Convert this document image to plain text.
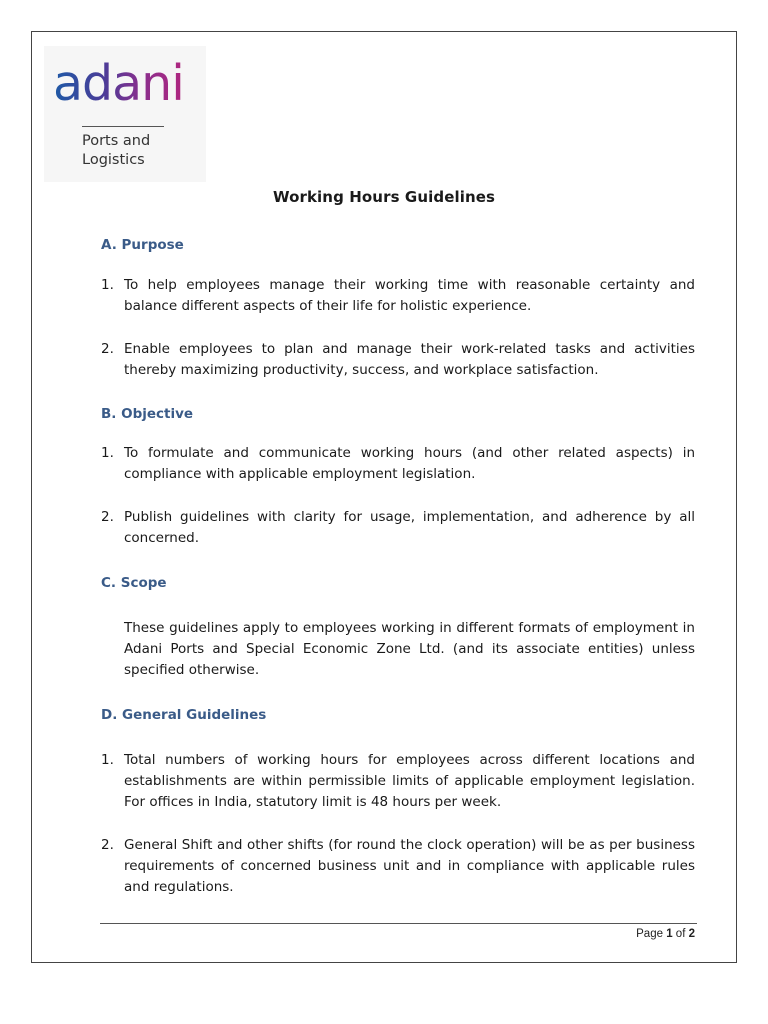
adani
Ports and
Logistics
Working Hours Guidelines
A. Purpose
1. To help employees manage their working time with reasonable certainty and balance different aspects of their life for holistic experience.
2. Enable employees to plan and manage their work-related tasks and activities thereby maximizing productivity, success, and workplace satisfaction.
B. Objective
1. To formulate and communicate working hours (and other related aspects) in compliance with applicable employment legislation.
2. Publish guidelines with clarity for usage, implementation, and adherence by all concerned.
C. Scope
These guidelines apply to employees working in different formats of employment in Adani Ports and Special Economic Zone Ltd. (and its associate entities) unless specified otherwise.
D. General Guidelines
1. Total numbers of working hours for employees across different locations and establishments are within permissible limits of applicable employment legislation. For offices in India, statutory limit is 48 hours per week.
2. General Shift and other shifts (for round the clock operation) will be as per business requirements of concerned business unit and in compliance with applicable rules and regulations.
Page 1 of 2
